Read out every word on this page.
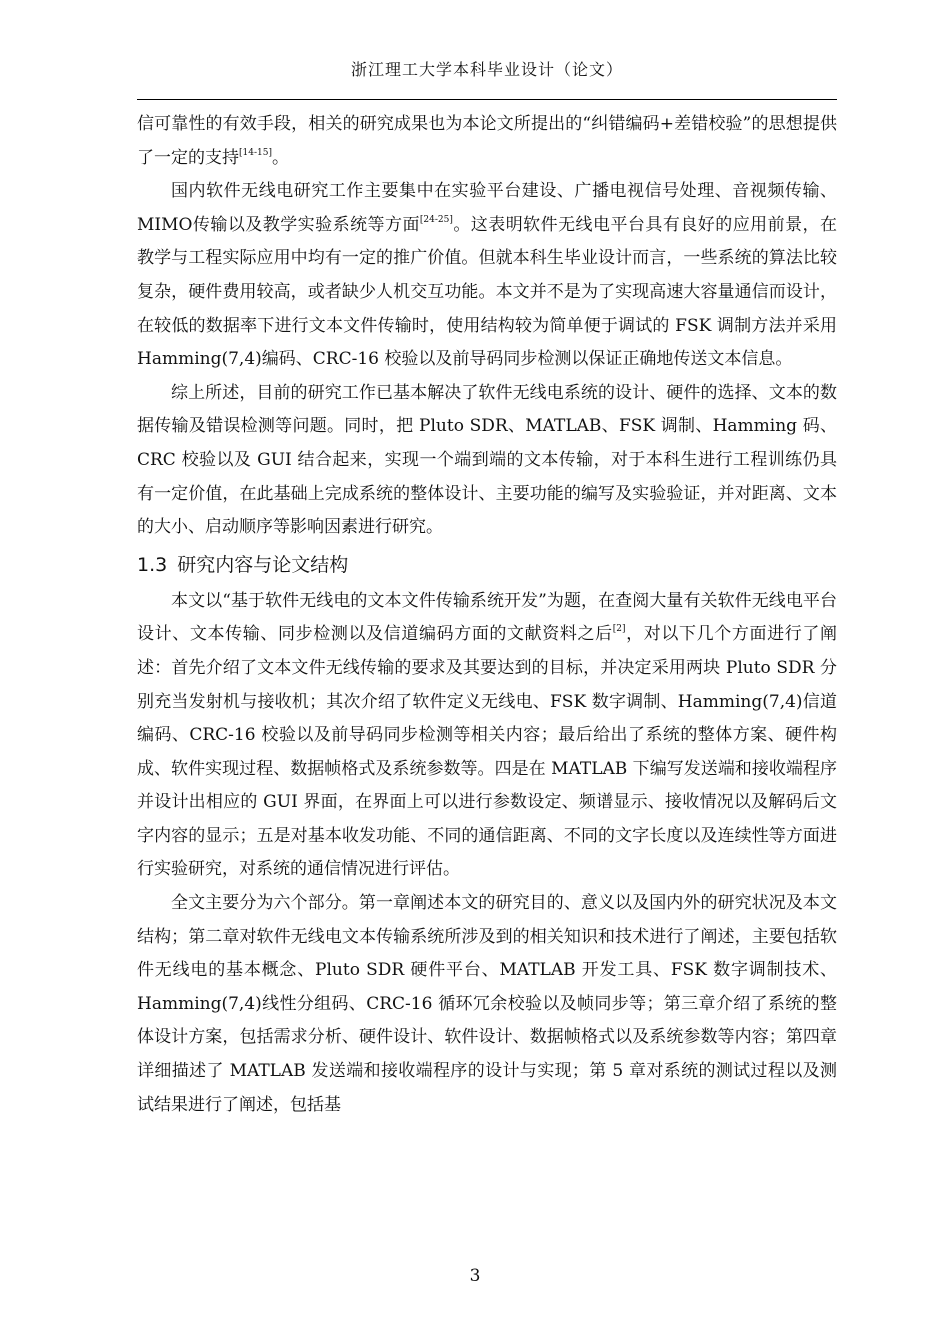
浙江理工大学本科毕业设计（论文）

信可靠性的有效手段，相关的研究成果也为本论文所提出的“纠错编码+差错校验”的思想提供了一定的支持[14-15]。

国内软件无线电研究工作主要集中在实验平台建设、广播电视信号处理、音视频传输、MIMO传输以及教学实验系统等方面[24-25]。这表明软件无线电平台具有良好的应用前景，在教学与工程实际应用中均有一定的推广价值。但就本科生毕业设计而言，一些系统的算法比较复杂，硬件费用较高，或者缺少人机交互功能。本文并不是为了实现高速大容量通信而设计，在较低的数据率下进行文本文件传输时，使用结构较为简单便于调试的 FSK 调制方法并采用 Hamming(7,4)编码、CRC-16 校验以及前导码同步检测以保证正确地传送文本信息。

综上所述，目前的研究工作已基本解决了软件无线电系统的设计、硬件的选择、文本的数据传输及错误检测等问题。同时，把 Pluto SDR、MATLAB、FSK 调制、Hamming 码、CRC 校验以及 GUI 结合起来，实现一个端到端的文本传输，对于本科生进行工程训练仍具有一定价值，在此基础上完成系统的整体设计、主要功能的编写及实验验证，并对距离、文本的大小、启动顺序等影响因素进行研究。

1.3 研究内容与论文结构

本文以“基于软件无线电的文本文件传输系统开发”为题，在查阅大量有关软件无线电平台设计、文本传输、同步检测以及信道编码方面的文献资料之后[2]，对以下几个方面进行了阐述：首先介绍了文本文件无线传输的要求及其要达到的目标，并决定采用两块 Pluto SDR 分别充当发射机与接收机；其次介绍了软件定义无线电、FSK 数字调制、Hamming(7,4)信道编码、CRC-16 校验以及前导码同步检测等相关内容；最后给出了系统的整体方案、硬件构成、软件实现过程、数据帧格式及系统参数等。四是在 MATLAB 下编写发送端和接收端程序并设计出相应的 GUI 界面，在界面上可以进行参数设定、频谱显示、接收情况以及解码后文字内容的显示；五是对基本收发功能、不同的通信距离、不同的文字长度以及连续性等方面进行实验研究，对系统的通信情况进行评估。

全文主要分为六个部分。第一章阐述本文的研究目的、意义以及国内外的研究状况及本文结构；第二章对软件无线电文本传输系统所涉及到的相关知识和技术进行了阐述，主要包括软件无线电的基本概念、Pluto SDR 硬件平台、MATLAB 开发工具、FSK 数字调制技术、Hamming(7,4)线性分组码、CRC-16 循环冗余校验以及帧同步等；第三章介绍了系统的整体设计方案，包括需求分析、硬件设计、软件设计、数据帧格式以及系统参数等内容；第四章详细描述了 MATLAB 发送端和接收端程序的设计与实现；第 5 章对系统的测试过程以及测试结果进行了阐述，包括基

3
